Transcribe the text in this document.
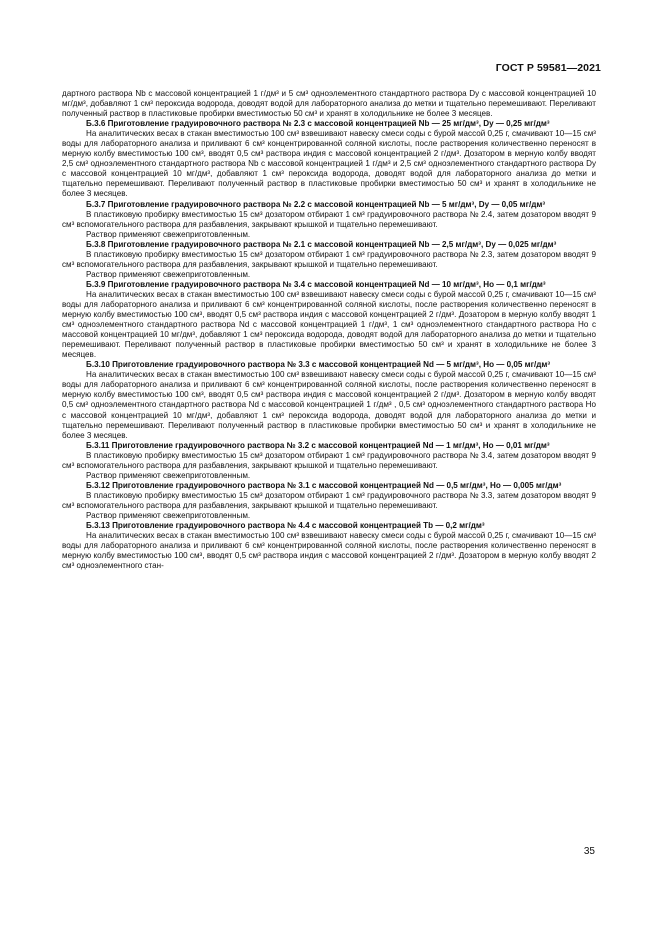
ГОСТ Р 59581—2021

дартного раствора Nb с массовой концентрацией 1 г/дм³ и 5 см³ одноэлементного стандартного раствора Dy с массовой концентрацией 10 мг/дм³, добавляют 1 см³ пероксида водорода, доводят водой для лабораторного анализа до метки и тщательно перемешивают. Переливают полученный раствор в пластиковые пробирки вместимостью 50 см³ и хранят в холодильнике не более 3 месяцев.

Б.3.6 Приготовление градуировочного раствора № 2.3 с массовой концентрацией Nb — 25 мг/дм³, Dy — 0,25 мг/дм³

На аналитических весах в стакан вместимостью 100 см³ взвешивают навеску смеси соды с бурой массой 0,25 г, смачивают 10—15 см³ воды для лабораторного анализа и приливают 6 см³ концентрированной соляной кислоты, после растворения количественно переносят в мерную колбу вместимостью 100 см³, вводят 0,5 см³ раствора индия с массовой концентрацией 2 г/дм³. Дозатором в мерную колбу вводят 2,5 см³ одноэлементного стандартного раствора Nb с массовой концентрацией 1 г/дм³ и 2,5 см³ одноэлементного стандартного раствора Dy с массовой концентрацией 10 мг/дм³, добавляют 1 см³ пероксида водорода, доводят водой для лабораторного анализа до метки и тщательно перемешивают. Переливают полученный раствор в пластиковые пробирки вместимостью 50 см³ и хранят в холодильнике не более 3 месяцев.

Б.3.7 Приготовление градуировочного раствора № 2.2 с массовой концентрацией Nb — 5 мг/дм³, Dy — 0,05 мг/дм³

В пластиковую пробирку вместимостью 15 см³ дозатором отбирают 1 см³ градуировочного раствора № 2.4, затем дозатором вводят 9 см³ вспомогательного раствора для разбавления, закрывают крышкой и тщательно перемешивают.

Раствор применяют свежеприготовленным.

Б.3.8 Приготовление градуировочного раствора № 2.1 с массовой концентрацией Nb — 2,5 мг/дм³, Dy — 0,025 мг/дм³

В пластиковую пробирку вместимостью 15 см³ дозатором отбирают 1 см³ градуировочного раствора № 2.3, затем дозатором вводят 9 см³ вспомогательного раствора для разбавления, закрывают крышкой и тщательно перемешивают.

Раствор применяют свежеприготовленным.

Б.3.9 Приготовление градуировочного раствора № 3.4 с массовой концентрацией Nd — 10 мг/дм³, Ho — 0,1 мг/дм³

На аналитических весах в стакан вместимостью 100 см³ взвешивают навеску смеси соды с бурой массой 0,25 г, смачивают 10—15 см³ воды для лабораторного анализа и приливают 6 см³ концентрированной соляной кислоты, после растворения количественно переносят в мерную колбу вместимостью 100 см³, вводят 0,5 см³ раствора индия с массовой концентрацией 2 г/дм³. Дозатором в мерную колбу вводят 1 см³ одноэлементного стандартного раствора Nd с массовой концентрацией 1 г/дм³, 1 см³ одноэлементного стандартного раствора Ho с массовой концентрацией 10 мг/дм³, добавляют 1 см³ пероксида водорода, доводят водой для лабораторного анализа до метки и тщательно перемешивают. Переливают полученный раствор в пластиковые пробирки вместимостью 50 см³ и хранят в холодильнике не более 3 месяцев.

Б.3.10 Приготовление градуировочного раствора № 3.3 с массовой концентрацией Nd — 5 мг/дм³, Ho — 0,05 мг/дм³

На аналитических весах в стакан вместимостью 100 см³ взвешивают навеску смеси соды с бурой массой 0,25 г, смачивают 10—15 см³ воды для лабораторного анализа и приливают 6 см³ концентрированной соляной кислоты, после растворения количественно переносят в мерную колбу вместимостью 100 см³, вводят 0,5 см³ раствора индия с массовой концентрацией 2 г/дм³. Дозатором в мерную колбу вводят 0,5 см³ одноэлементного стандартного раствора Nd с массовой концентрацией 1 г/дм³ , 0,5 см³ одноэлементного стандартного раствора Ho с массовой концентрацией 10 мг/дм³, добавляют 1 см³ пероксида водорода, доводят водой для лабораторного анализа до метки и тщательно перемешивают. Переливают полученный раствор в пластиковые пробирки вместимостью 50 см³ и хранят в холодильнике не более 3 месяцев.

Б.3.11 Приготовление градуировочного раствора № 3.2 с массовой концентрацией Nd — 1 мг/дм³, Ho — 0,01 мг/дм³

В пластиковую пробирку вместимостью 15 см³ дозатором отбирают 1 см³ градуировочного раствора № 3.4, затем дозатором вводят 9 см³ вспомогательного раствора для разбавления, закрывают крышкой и тщательно перемешивают.

Раствор применяют свежеприготовленным.

Б.3.12 Приготовление градуировочного раствора № 3.1 с массовой концентрацией Nd — 0,5 мг/дм³, Ho — 0,005 мг/дм³

В пластиковую пробирку вместимостью 15 см³ дозатором отбирают 1 см³ градуировочного раствора № 3.3, затем дозатором вводят 9 см³ вспомогательного раствора для разбавления, закрывают крышкой и тщательно перемешивают.

Раствор применяют свежеприготовленным.

Б.3.13 Приготовление градуировочного раствора № 4.4 с массовой концентрацией Tb — 0,2 мг/дм³

На аналитических весах в стакан вместимостью 100 см³ взвешивают навеску смеси соды с бурой массой 0,25 г, смачивают 10—15 см³ воды для лабораторного анализа и приливают 6 см³ концентрированной соляной кислоты, после растворения количественно переносят в мерную колбу вместимостью 100 см³, вводят 0,5 см³ раствора индия с массовой концентрацией 2 г/дм³. Дозатором в мерную колбу вводят 2 см³ одноэлементного стан-

35
